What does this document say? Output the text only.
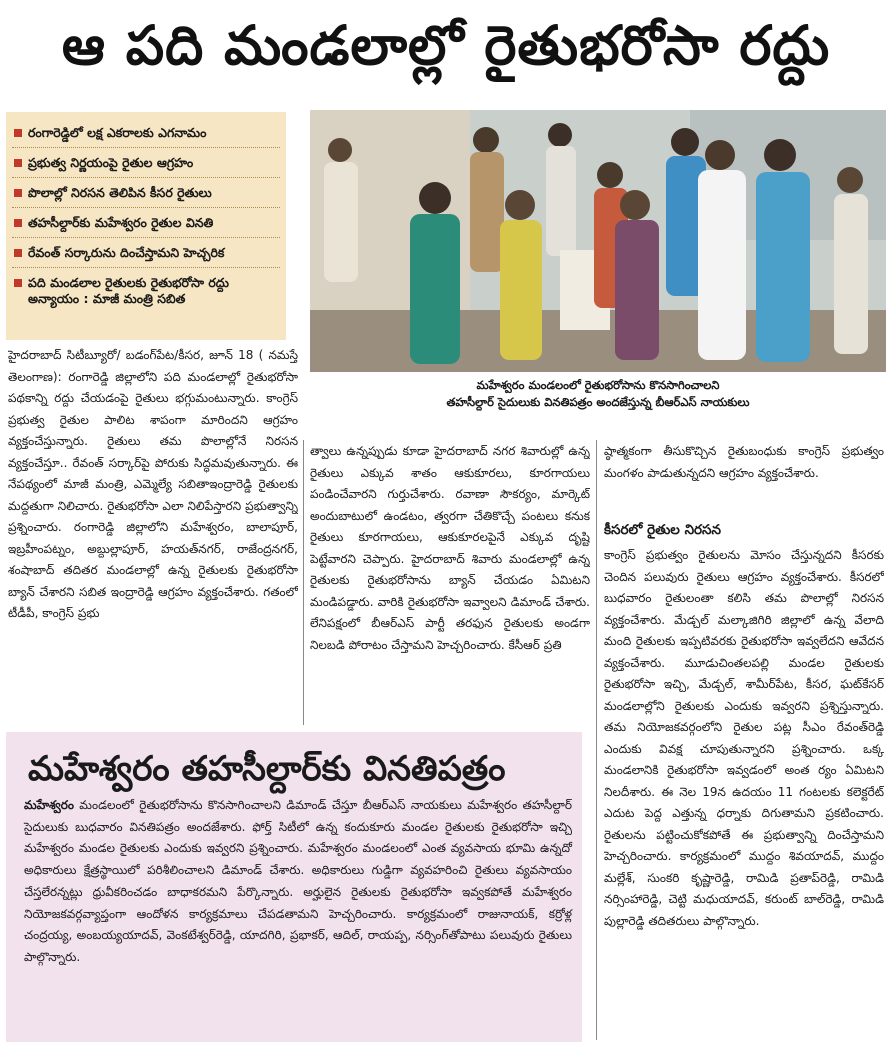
ఆ పది మండలాల్లో రైతుభరోసా రద్దు
రంగారెడ్డిలో లక్ష ఎకరాలకు ఎగనామం
ప్రభుత్వ నిర్ణయంపై రైతుల ఆగ్రహం
పొలాల్లో నిరసన తెలిపిన కీసర రైతులు
తహసీల్దార్‌కు మహేశ్వరం రైతుల వినతి
రేవంత్ సర్కారును దించేస్తామని హెచ్చరిక
పది మండలాల రైతులకు రైతుభరోసా రద్దు అన్యాయం : మాజీ మంత్రి సబిత
మహేశ్వరం మండలంలో రైతుభరోసాను కొనసాగించాలని
తహసీల్దార్ సైదులుకు వినతిపత్రం అందజేస్తున్న బీఆర్‌ఎస్ నాయకులు
హైదరాబాద్ సిటీబ్యూరో/ బడంగ్‌పేట/కీసర, జూన్ 18 ( నమస్తే తెలంగాణ): రంగారెడ్డి జిల్లాలోని పది మండలాల్లో రైతుభరోసా పథకాన్ని రద్దు చేయడంపై రైతులు భగ్గుమంటున్నారు. కాంగ్రెస్ ప్రభుత్వ రైతుల పాలిట శాపంగా మారిందని ఆగ్రహం వ్యక్తంచేస్తున్నారు. రైతులు తమ పొలాల్లోనే నిరసన వ్యక్తంచేస్తూ.. రేవంత్ సర్కార్‌పై పోరుకు సిద్ధమవుతున్నారు. ఈ నేపథ్యంలో మాజీ మంత్రి, ఎమ్మెల్యే సబితాఇంద్రారెడ్డి రైతులకు మద్దతుగా నిలిచారు. రైతుభరోసా ఎలా నిలిపేస్తారని ప్రభుత్వాన్ని ప్రశ్నించారు. రంగారెడ్డి జిల్లాలోని మహేశ్వరం, బాలాపూర్, ఇబ్రహీంపట్నం, అబ్దుల్లాపూర్, హయత్‌నగర్, రాజేంద్రనగర్, శంషాబాద్ తదితర మండలాల్లో ఉన్న రైతులకు రైతుభరోసా బ్యాన్ చేశారని సబిత ఇంద్రారెడ్డి ఆగ్రహం వ్యక్తంచేశారు. గతంలో టీడీపీ, కాంగ్రెస్ ప్రభు
త్వాలు ఉన్నప్పుడు కూడా హైదరాబాద్ నగర శివారుల్లో ఉన్న రైతులు ఎక్కువ శాతం ఆకుకూరలు, కూరగాయలు పండించేవారని గుర్తుచేశారు. రవాణా సౌకర్యం, మార్కెట్ అందుబాటులో ఉండటం, త్వరగా చేతికొచ్చే పంటలు కనుక రైతులు కూరగాయలు, ఆకుకూరలపైనే ఎక్కువ దృష్టి పెట్టేవారని చెప్పారు. హైదరాబాద్ శివారు మండలాల్లో ఉన్న రైతులకు రైతుభరోసాను బ్యాన్ చేయడం ఏమిటని మండిపడ్డారు. వారికి రైతుభరోసా ఇవ్వాలని డిమాండ్ చేశారు. లేనిపక్షంలో బీఆర్‌ఎస్ పార్టీ తరఫున రైతులకు అండగా నిలబడి పోరాటం చేస్తామని హెచ్చరించారు. కేసీఆర్ ప్రతి
ష్ఠాత్మకంగా తీసుకొచ్చిన రైతుబంధుకు కాంగ్రెస్ ప్రభుత్వం మంగళం పాడుతున్నదని ఆగ్రహం వ్యక్తంచేశారు.
కీసరలో రైతుల నిరసన
కాంగ్రెస్ ప్రభుత్వం రైతులను మోసం చేస్తున్నదని కీసరకు చెందిన పలువురు రైతులు ఆగ్రహం వ్యక్తంచేశారు. కీసరలో బుధవారం రైతులంతా కలిసి తమ పొలాల్లో నిరసన వ్యక్తంచేశారు. మేడ్చల్ మల్కాజిగిరి జిల్లాలో ఉన్న వేలాది మంది రైతులకు ఇప్పటివరకు రైతుభరోసా ఇవ్వలేదని ఆవేదన వ్యక్తంచేశారు. మూడుచింతలపల్లి మండల రైతులకు రైతుభరోసా ఇచ్చి, మేడ్చల్, శామీర్‌పేట, కీసర, ఘట్‌కేసర్ మండలాల్లోని రైతులకు ఎందుకు ఇవ్వరని ప్రశ్నిస్తున్నారు. తమ నియోజకవర్గంలోని రైతుల పట్ల సీఎం రేవంత్‌రెడ్డి ఎందుకు వివక్ష చూపుతున్నారని ప్రశ్నించారు. ఒక్క మండలానికి రైతుభరోసా ఇవ్వడంలో అంత ర్యం ఏమిటని నిలదీశారు. ఈ నెల 19న ఉదయం 11 గంటలకు కలెక్టరేట్ ఎదుట పెద్ద ఎత్తున్న ధర్నాకు దిగుతామని ప్రకటించారు. రైతులను పట్టించుకోకపోతే ఈ ప్రభుత్వాన్ని దించేస్తామని హెచ్చరించారు. కార్యక్రమంలో ముద్దం శివయాదవ్, ముద్దం మల్లేశ్, సుంకరి కృష్ణారెడ్డి, రామిడి ప్రతాప్‌రెడ్డి, రామిడి నర్సింహారెడ్డి, చెట్టి మధుయాదవ్, కరుంట్ బాల్‌రెడ్డి, రామిడి పుల్లారెడ్డి తదితరులు పాల్గొన్నారు.
మహేశ్వరం తహసీల్దార్‌కు వినతిపత్రం
మహేశ్వరం మండలంలో రైతుభరోసాను కొనసాగించాలని డిమాండ్ చేస్తూ బీఆర్‌ఎస్ నాయకులు మహేశ్వరం తహసీల్దార్ సైదులుకు బుధవారం వినతిపత్రం అందజేశారు. ఫోర్త్ సిటీలో ఉన్న కందుకూరు మండల రైతులకు రైతుభరోసా ఇచ్చి మహేశ్వరం మండల రైతులకు ఎందుకు ఇవ్వరని ప్రశ్నించారు. మహేశ్వరం మండలంలో ఎంత వ్యవసాయ భూమి ఉన్నదో అధికారులు క్షేత్రస్థాయిలో పరిశీలించాలని డిమాండ్ చేశారు. అధికారులు గుడ్డిగా వ్యవహరించి రైతులు వ్యవసాయం చేస్తలేరన్నట్లు ధ్రువీకరించడం బాధాకరమని పేర్కొన్నారు. అర్హులైన రైతులకు రైతుభరోసా ఇవ్వకపోతే మహేశ్వరం నియోజకవర్గవ్యాప్తంగా ఆందోళన కార్యక్రమాలు చేపడతామని హెచ్చరించారు. కార్యక్రమంలో రాజునాయక్, కర్రోళ్ల చంద్రయ్య, అంబయ్యయాదవ్, వెంకటేశ్వర్‌రెడ్డి, యాదగిరి, ప్రభాకర్, ఆదిల్, రాయప్ప, నర్సింగ్‌తోపాటు పలువురు రైతులు పాల్గొన్నారు.
